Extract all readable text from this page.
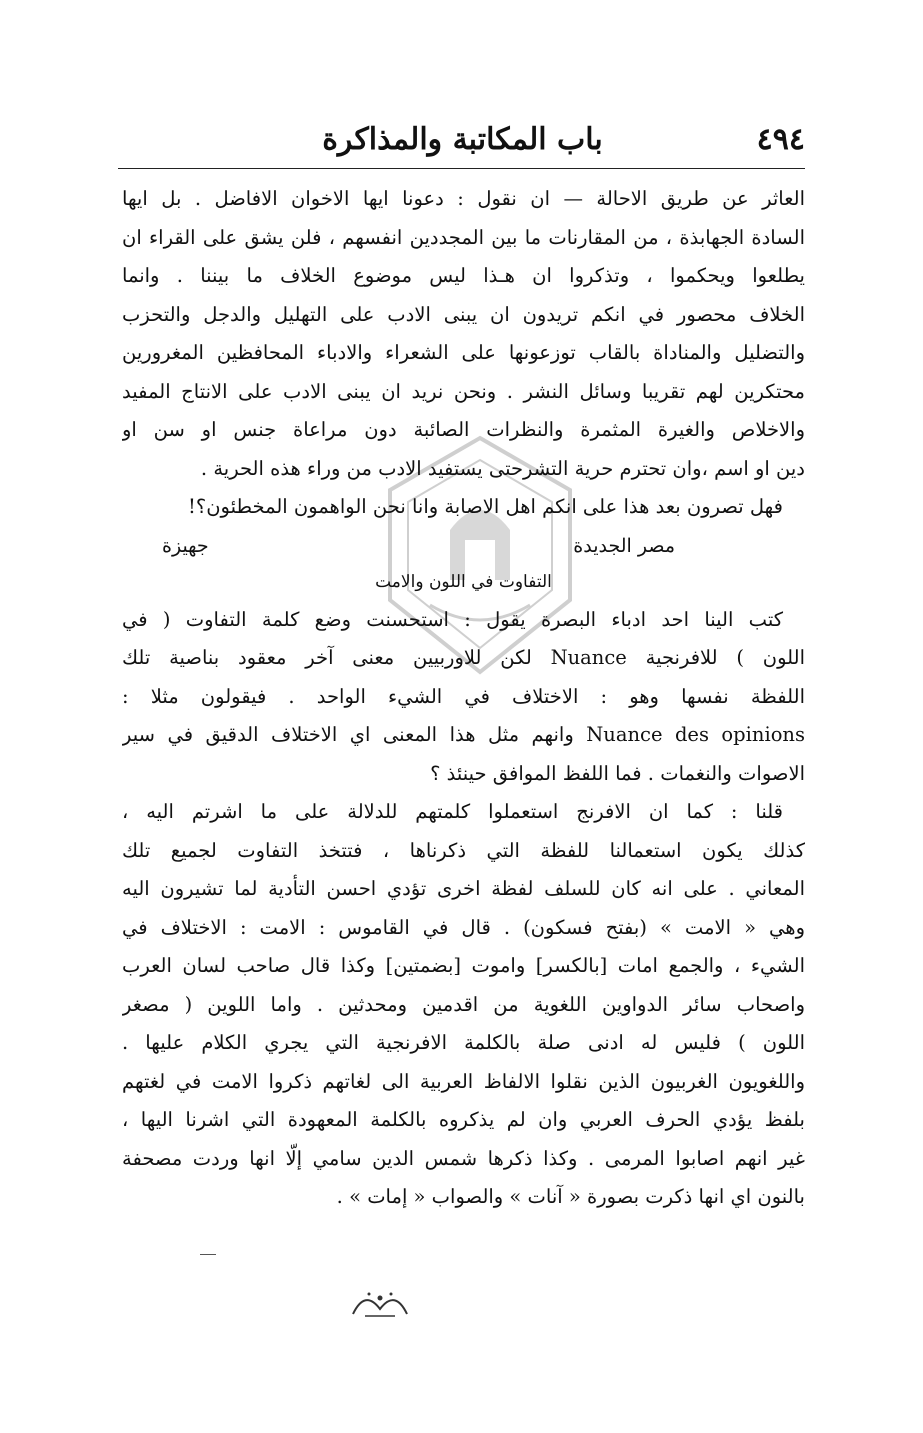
٤٩٤
باب المكاتبة والمذاكرة
العاثر عن طريق الاحالة — ان نقول : دعونا ايها الاخوان الافاضل . بل ايها
السادة الجهابذة ، من المقارنات ما بين المجددين انفسهم ، فلن يشق على القراء ان
يطلعوا ويحكموا ، وتذكروا ان هـذا ليس موضوع الخلاف ما بيننا . وانما
الخلاف محصور في انكم تريدون ان يبنى الادب على التهليل والدجل والتحزب
والتضليل والمناداة بالقاب توزعونها على الشعراء والادباء المحافظين المغرورين
محتكرين لهم تقريبا وسائل النشر . ونحن نريد ان يبنى الادب على الانتاج المفيد
والاخلاص والغيرة المثمرة والنظرات الصائبة دون مراعاة جنس او سن او
دين او اسم ،وان تحترم حرية التشرحتى يستفيد الادب من وراء هذه الحرية .
فهل تصرون بعد هذا على انكم اهل الاصابة وانا نحن الواهمون المخطئون؟!
مصر الجديدة
جهيزة
التفاوت في اللون والامت
كتب الينا احد ادباء البصرة يقول : استحسنت وضع كلمة التفاوت ( في
اللون ) للافرنجية Nuance لكن للاوربيين معنى آخر معقود بناصية تلك
اللفظة نفسها وهو : الاختلاف في الشيء الواحد . فيقولون مثلا :
Nuance des opinions وانهم مثل هذا المعنى اي الاختلاف الدقيق في سير
الاصوات والنغمات . فما اللفظ الموافق حينئذ ؟
قلنا : كما ان الافرنج استعملوا كلمتهم للدلالة على ما اشرتم اليه ،
كذلك يكون استعمالنا للفظة التي ذكرناها ، فتتخذ التفاوت لجميع تلك
المعاني . على انه كان للسلف لفظة اخرى تؤدي احسن التأدية لما تشيرون اليه
وهي « الامت » (بفتح فسكون) . قال في القاموس : الامت : الاختلاف في
الشيء ، والجمع امات [بالكسر] واموت [بضمتين] وكذا قال صاحب لسان العرب
واصحاب سائر الدواوين اللغوية من اقدمين ومحدثين . واما اللوين ( مصغر
اللون ) فليس له ادنى صلة بالكلمة الافرنجية التي يجري الكلام عليها .
واللغويون الغربيون الذين نقلوا الالفاظ العربية الى لغاتهم ذكروا الامت في لغتهم
بلفظ يؤدي الحرف العربي وان لم يذكروه بالكلمة المعهودة التي اشرنا اليها ،
غير انهم اصابوا المرمى . وكذا ذكرها شمس الدين سامي إلّا انها وردت مصحفة
بالنون اي انها ذكرت بصورة « آنات » والصواب « إمات » .
